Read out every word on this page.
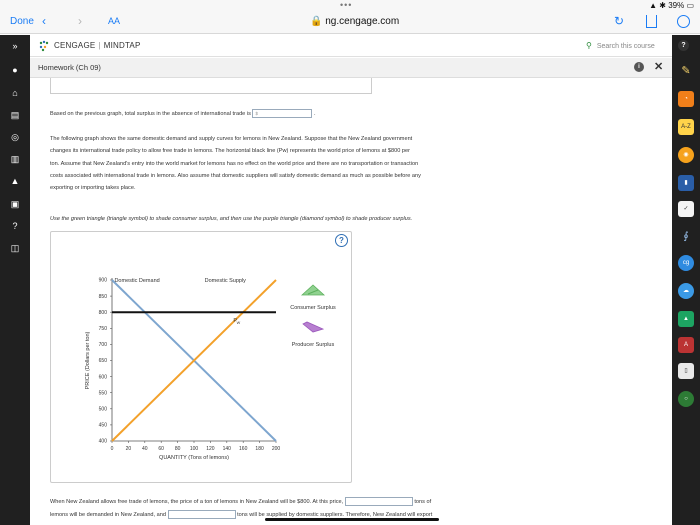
•••	▲ ✱ 39% ▭
Done ‹	›	AA	🔒 ng.cengage.com	↻
»
●
⌂
▤
◎
▥
▲
▣
?
◫
✎
◔
A‑Z
◉
▮
✓
∮
cg
☁
▲
A
▯
○
CENGAGE | MINDTAP	⚲ Search this course	?
Homework (Ch 09)	i	✕
Based on the previous graph, total surplus in the absence of international trade is $	.
The following graph shows the same domestic demand and supply curves for lemons in New Zealand. Suppose that the New Zealand government
changes its international trade policy to allow free trade in lemons. The horizontal black line (Pw) represents the world price of lemons at $800 per
ton. Assume that New Zealand's entry into the world market for lemons has no effect on the world price and there are no transportation or transaction
costs associated with international trade in lemons. Also assume that domestic suppliers will satisfy domestic demand as much as possible before any
exporting or importing takes place.
Use the green triangle (triangle symbol) to shade consumer surplus, and then use the purple triangle (diamond symbol) to shade producer surplus.
?
400
450
500
550
600
650
700
750
800
850
900
0 20 40 60 80 100 120 140 160 180 200
QUANTITY (Tons of lemons)
PRICE (Dollars per ton)
Domestic Demand	Domestic Supply
P W
Consumer Surplus
Producer Surplus
When New Zealand allows free trade of lemons, the price of a ton of lemons in New Zealand will be $800. At this price,	tons of
lemons will be demanded in New Zealand, and	tons will be supplied by domestic suppliers. Therefore, New Zealand will export
